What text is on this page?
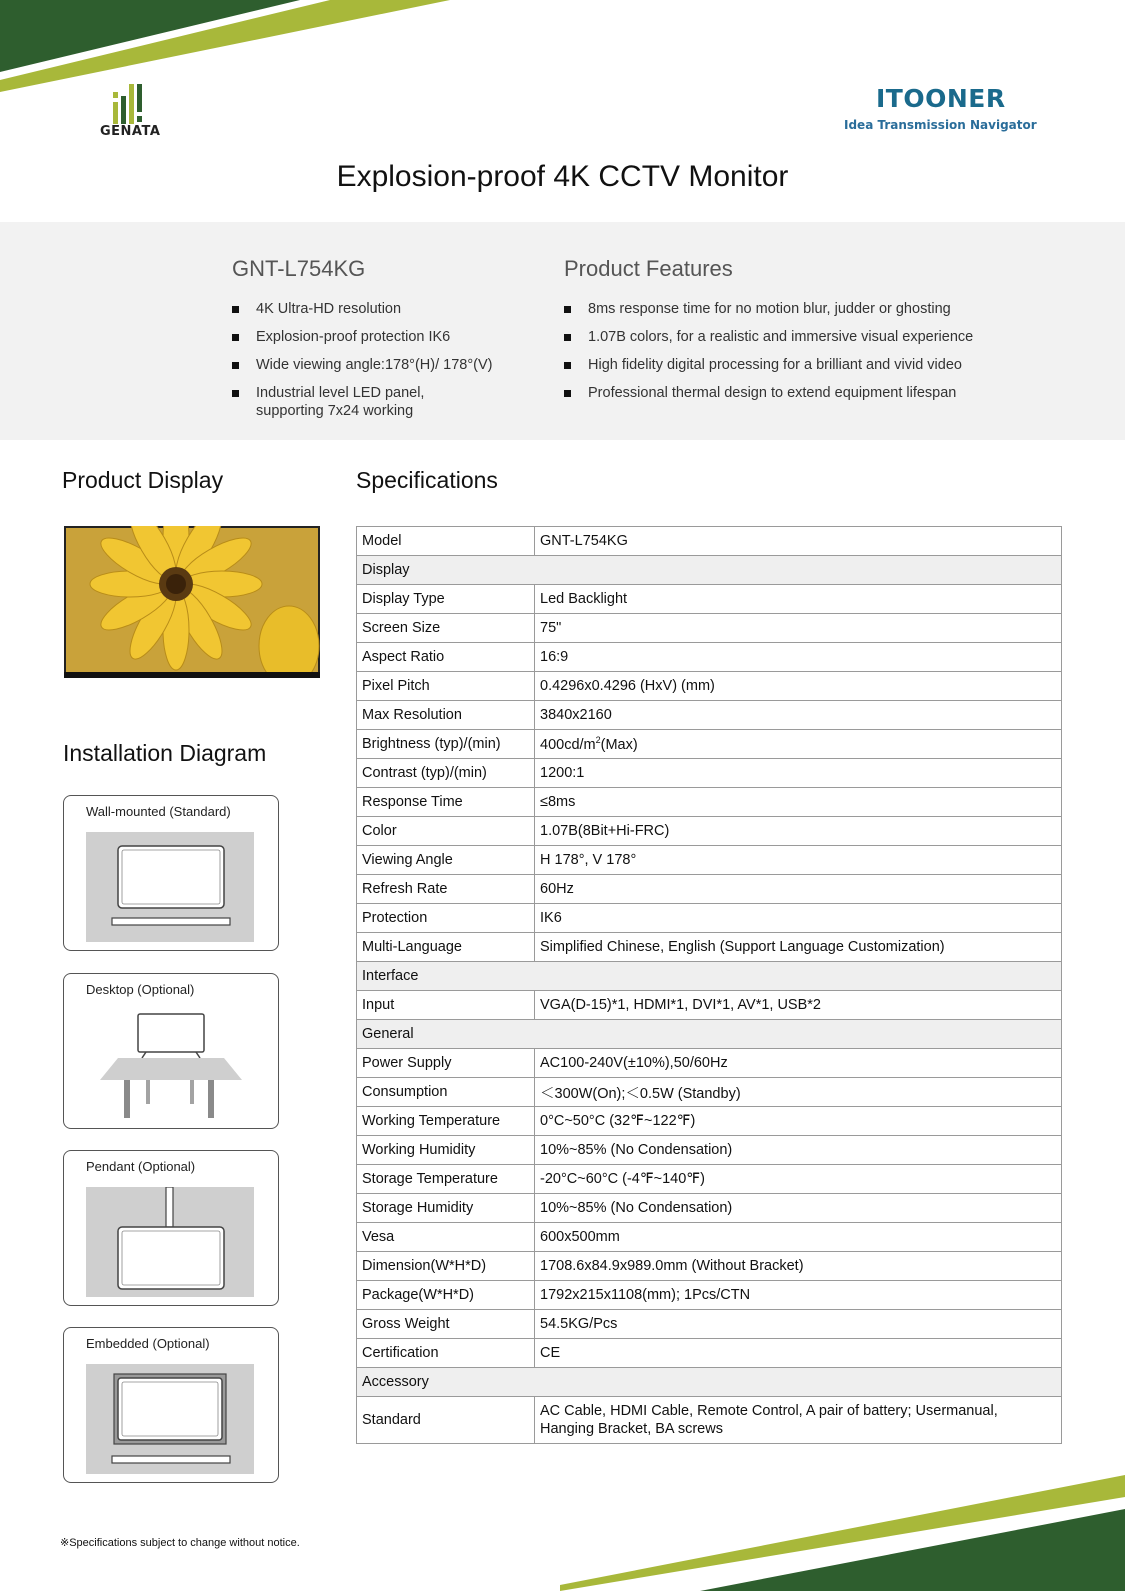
GENATA
ITOONER
Idea Transmission Navigator
Explosion-proof 4K CCTV Monitor
GNT-L754KG
4K Ultra-HD resolution
Explosion-proof protection IK6
Wide viewing angle:178°(H)/ 178°(V)
Industrial level LED panel,
supporting 7x24 working
Product Features
8ms response time for no motion blur, judder or ghosting
1.07B colors, for a realistic and immersive visual experience
High fidelity digital processing for a brilliant and vivid video
Professional thermal design to extend equipment lifespan
Product Display	Specifications
Installation Diagram
Wall-mounted (Standard)
Desktop (Optional)
Pendant (Optional)
Embedded (Optional)
Model	GNT-L754KG
Display	
Display Type	Led Backlight
Screen Size	75"
Aspect Ratio	16:9
Pixel Pitch	0.4296x0.4296 (HxV) (mm)
Max Resolution	3840x2160
Brightness (typ)/(min)	$400cd/m^2(Max)$
Contrast (typ)/(min)	1200:1
Response Time	≤8ms
Color	1.07B(8Bit+Hi-FRC)
Viewing Angle	H 178°, V 178°
Refresh Rate	60Hz
Protection	IK6
Multi-Language	Simplified Chinese, English (Support Language Customization)
Interface	
Input	VGA(D-15)*1, HDMI*1, DVI*1, AV*1, USB*2
General	
Power Supply	AC100-240V(±10%),50/60Hz
Consumption	＜300W(On);＜0.5W (Standby)
Working Temperature	0°C~50°C (32℉~122℉)
Working Humidity	10%~85% (No Condensation)
Storage Temperature	-20°C~60°C (-4℉~140℉)
Storage Humidity	10%~85% (No Condensation)
Vesa	600x500mm
Dimension(W*H*D)	1708.6x84.9x989.0mm (Without Bracket)
Package(W*H*D)	1792x215x1108(mm); 1Pcs/CTN
Gross Weight	54.5KG/Pcs
Certification	CE
Accessory	
Standard	AC Cable, HDMI Cable, Remote Control, A pair of battery; Usermanual,
Hanging Bracket, BA screws
※Specifications subject to change without notice.
